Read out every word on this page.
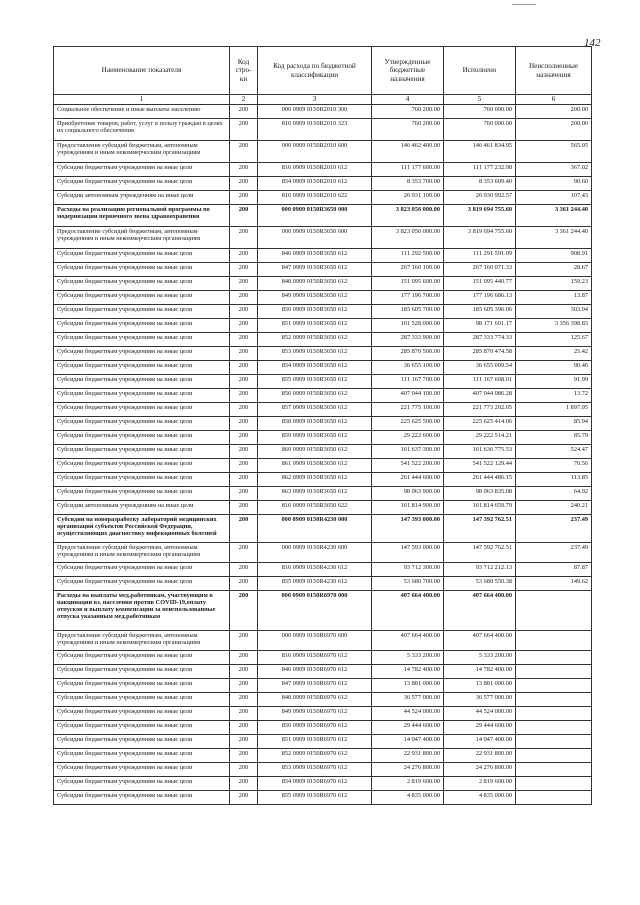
142
Наименование показателя	Код стро-ки	Код расхода по бюджетной классификации	Утвержденные бюджетные назначения	Исполнено	Неисполненные назначения
1	2	3	4	5	6
Социальное обеспечение и иные выплаты населению	200	000 0909 0150R2010 300	760 200.00	760 000.00	200.00
Приобретение товаров, работ, услуг в пользу граждан в целях их социального обеспечения	200	816 0909 0150R2010 323	760 200.00	760 000.00	200.00
Предоставление субсидий бюджетным, автономным учреждениям и иным некоммерческим организациям	200	000 0909 0150R2010 600	146 462 400.00	146 461 834.95	565.05
Субсидии бюджетным учреждениям на иные цели	200	816 0909 0150R2010 612	111 177 600.00	111 177 232.98	367.02
Субсидии бюджетным учреждениям на иные цели	200	854 0909 0150R2010 612	8 353 700.00	8 353 609.40	90.60
Субсидии автономным учреждениям на иные цели	200	816 0909 0150R2010 622	26 931 100.00	26 930 992.57	107.43
Расходы на реализацию региональной программы по модернизации первичного звена здравоохранения	200	000 0909 0150R3650 000	3 823 056 000.00	3 819 694 755.60	3 361 244.40
Предоставление субсидий бюджетным, автономным учреждениям и иным некоммерческим организациям	200	000 0909 0150R3650 600	3 823 056 000.00	3 819 694 755.60	3 361 244.40
Субсидии бюджетным учреждениям на иные цели	200	846 0909 0150R3650 612	111 292 500.00	111 291 591.09	908.91
Субсидии бюджетным учреждениям на иные цели	200	847 0909 0150R3650 612	267 160 100.00	267 160 071.33	28.67
Субсидии бюджетным учреждениям на иные цели	200	848 0909 0150R3650 612	151 095 600.00	151 095 440.77	159.23
Субсидии бюджетным учреждениям на иные цели	200	849 0909 0150R3650 612	177 196 700.00	177 196 686.13	13.87
Субсидии бюджетным учреждениям на иные цели	200	850 0909 0150R3650 612	185 605 700.00	185 605 396.06	303.94
Субсидии бюджетным учреждениям на иные цели	200	851 0909 0150R3650 612	101 528 000.00	98 171 601.17	3 356 398.83
Субсидии бюджетным учреждениям на иные цели	200	852 0909 0150R3650 612	287 333 900.00	287 333 774.33	125.67
Субсидии бюджетным учреждениям на иные цели	200	853 0909 0150R3650 612	285 870 500.00	285 870 474.58	25.42
Субсидии бюджетным учреждениям на иные цели	200	854 0909 0150R3650 612	36 655 100.00	36 655 009.54	90.46
Субсидии бюджетным учреждениям на иные цели	200	855 0909 0150R3650 612	111 167 700.00	111 167 608.01	91.99
Субсидии бюджетным учреждениям на иные цели	200	856 0909 0150R3650 612	407 044 100.00	407 044 086.28	13.72
Субсидии бюджетным учреждениям на иные цели	200	857 0909 0150R3650 612	221 775 100.00	221 773 202.05	1 897.95
Субсидии бюджетным учреждениям на иные цели	200	858 0909 0150R3650 612	225 625 500.00	225 625 414.06	85.94
Субсидии бюджетным учреждениям на иные цели	200	859 0909 0150R3650 612	29 222 600.00	29 222 514.21	85.79
Субсидии бюджетным учреждениям на иные цели	200	860 0909 0150R3650 612	161 637 300.00	161 636 775.53	524.47
Субсидии бюджетным учреждениям на иные цели	200	861 0909 0150R3650 612	541 522 200.00	541 522 129.44	70.56
Субсидии бюджетным учреждениям на иные цели	200	862 0909 0150R3650 612	261 444 600.00	261 444 486.15	113.85
Субсидии бюджетным учреждениям на иные цели	200	863 0909 0150R3650 612	98 063 900.00	98 063 835.08	64.92
Субсидии автономным учреждениям на иные цели	200	816 0909 0150R3650 622	161 814 900.00	161 814 659.79	240.21
Субсидии на новоразработку лабораторий медицинских организаций субъектов Российской Федерации, осуществляющих диагностику инфекционных болезней	200	000 0909 0150R4230 000	147 393 000.00	147 392 762.51	237.49
Предоставление субсидий бюджетным, автономным учреждениям и иным некоммерческим организациям	200	000 0909 0150R4230 600	147 393 000.00	147 392 762.51	237.49
Субсидии бюджетным учреждениям на иные цели	200	816 0909 0150R4230 612	93 712 300.00	93 712 212.13	87.87
Субсидии бюджетным учреждениям на иные цели	200	855 0909 0150R4230 612	53 680 700.00	53 680 550.38	149.62
Расходы на выплаты мед.работникам, участвующим в вакцинации вз. населения против COVID-19,оплату отпусков и выплату компенсации за неиспользованные отпуска указанным мед.работникам	200	000 0909 0150R6970 000	407 664 400.00	407 664 400.00	
Предоставление субсидий бюджетным, автономным учреждениям и иным некоммерческим организациям	200	000 0909 0150R6970 600	407 664 400.00	407 664 400.00	
Субсидии бюджетным учреждениям на иные цели	200	816 0909 0150R6970 612	5 333 200.00	5 333 200.00	
Субсидии бюджетным учреждениям на иные цели	200	846 0909 0150R6970 612	14 782 400.00	14 782 400.00	
Субсидии бюджетным учреждениям на иные цели	200	847 0909 0150R6970 612	13 881 000.00	13 881 000.00	
Субсидии бюджетным учреждениям на иные цели	200	848 0909 0150R6970 612	36 577 000.00	36 577 000.00	
Субсидии бюджетным учреждениям на иные цели	200	849 0909 0150R6970 612	44 524 000.00	44 524 000.00	
Субсидии бюджетным учреждениям на иные цели	200	850 0909 0150R6970 612	29 444 600.00	29 444 600.00	
Субсидии бюджетным учреждениям на иные цели	200	851 0909 0150R6970 612	14 047 400.00	14 047 400.00	
Субсидии бюджетным учреждениям на иные цели	200	852 0909 0150R6970 612	22 931 800.00	22 931 800.00	
Субсидии бюджетным учреждениям на иные цели	200	853 0909 0150R6970 612	24 276 800.00	24 276 800.00	
Субсидии бюджетным учреждениям на иные цели	200	854 0909 0150R6970 612	2 819 600.00	2 819 600.00	
Субсидии бюджетным учреждениям на иные цели	200	855 0909 0150R6970 612	4 835 000.00	4 835 000.00	
